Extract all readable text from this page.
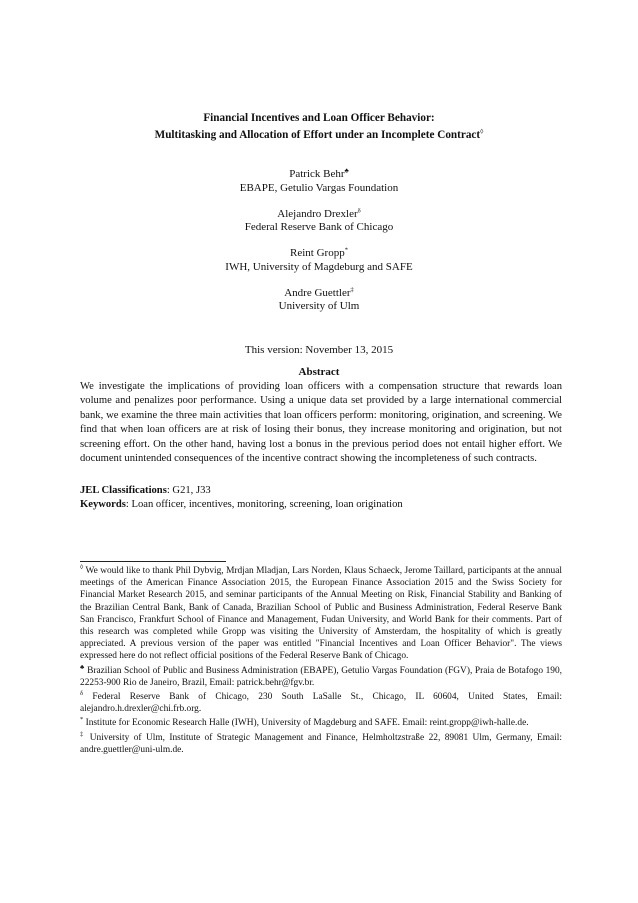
Financial Incentives and Loan Officer Behavior:
Multitasking and Allocation of Effort under an Incomplete Contract◊
Patrick Behr♣
EBAPE, Getulio Vargas Foundation
Alejandro Drexler$^\delta$
Federal Reserve Bank of Chicago
Reint Gropp*
IWH, University of Magdeburg and SAFE
Andre Guettler‡
University of Ulm
This version: November 13, 2015
Abstract

We investigate the implications of providing loan officers with a compensation structure that rewards loan volume and penalizes poor performance. Using a unique data set provided by a large international commercial bank, we examine the three main activities that loan officers perform: monitoring, origination, and screening. We find that when loan officers are at risk of losing their bonus, they increase monitoring and origination, but not screening effort. On the other hand, having lost a bonus in the previous period does not entail higher effort. We document unintended consequences of the incentive contract showing the incompleteness of such contracts.

JEL Classifications: G21, J33
Keywords: Loan officer, incentives, monitoring, screening, loan origination

◊ We would like to thank Phil Dybvig, Mrdjan Mladjan, Lars Norden, Klaus Schaeck, Jerome Taillard, participants at the annual meetings of the American Finance Association 2015, the European Finance Association 2015 and the Swiss Society for Financial Market Research 2015, and seminar participants of the Annual Meeting on Risk, Financial Stability and Banking of the Brazilian Central Bank, Bank of Canada, Brazilian School of Public and Business Administration, Federal Reserve Bank San Francisco, Frankfurt School of Finance and Management, Fudan University, and World Bank for their comments. Part of this research was completed while Gropp was visiting the University of Amsterdam, the hospitality of which is greatly appreciated. A previous version of the paper was entitled "Financial Incentives and Loan Officer Behavior". The views expressed here do not reflect official positions of the Federal Reserve Bank of Chicago.

♣ Brazilian School of Public and Business Administration (EBAPE), Getulio Vargas Foundation (FGV), Praia de Botafogo 190, 22253-900 Rio de Janeiro, Brazil, Email: patrick.behr@fgv.br.

$^\delta$ Federal Reserve Bank of Chicago, 230 South LaSalle St., Chicago, IL 60604, United States, Email: alejandro.h.drexler@chi.frb.org.

* Institute for Economic Research Halle (IWH), University of Magdeburg and SAFE. Email: reint.gropp@iwh-halle.de.

‡ University of Ulm, Institute of Strategic Management and Finance, Helmholtzstraße 22, 89081 Ulm, Germany, Email: andre.guettler@uni-ulm.de.
